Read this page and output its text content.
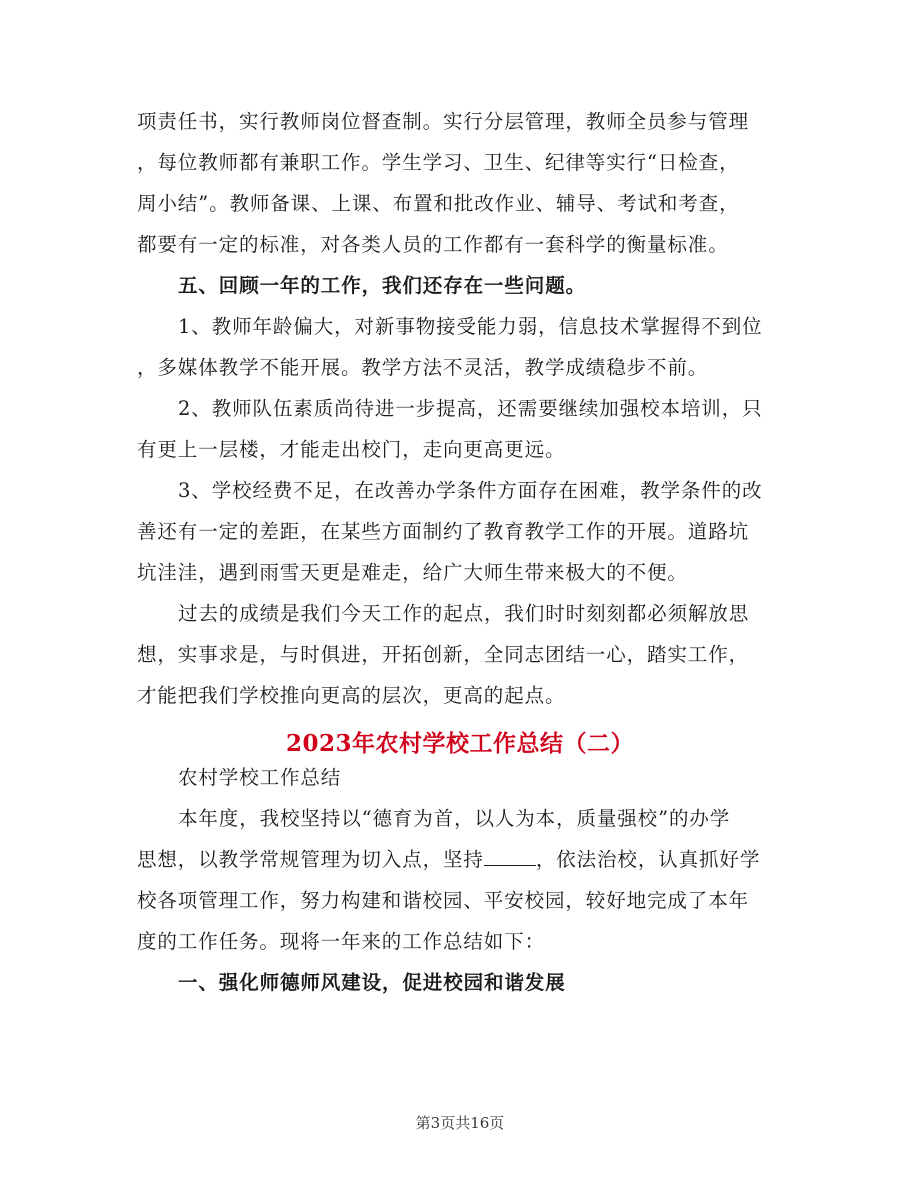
项责任书，实行教师岗位督查制。实行分层管理，教师全员参与管理
，每位教师都有兼职工作。学生学习、卫生、纪律等实行“日检查，
周小结”。教师备课、上课、布置和批改作业、辅导、考试和考查，
都要有一定的标准，对各类人员的工作都有一套科学的衡量标准。
五、回顾一年的工作，我们还存在一些问题。
1、教师年龄偏大，对新事物接受能力弱，信息技术掌握得不到位
，多媒体教学不能开展。教学方法不灵活，教学成绩稳步不前。
2、教师队伍素质尚待进一步提高，还需要继续加强校本培训，只
有更上一层楼，才能走出校门，走向更高更远。
3、学校经费不足，在改善办学条件方面存在困难，教学条件的改
善还有一定的差距，在某些方面制约了教育教学工作的开展。道路坑
坑洼洼，遇到雨雪天更是难走，给广大师生带来极大的不便。
过去的成绩是我们今天工作的起点，我们时时刻刻都必须解放思
想，实事求是，与时俱进，开拓创新，全同志团结一心，踏实工作，
才能把我们学校推向更高的层次，更高的起点。
2023年农村学校工作总结（二）
农村学校工作总结
本年度，我校坚持以“德育为首，以人为本，质量强校”的办学
思想，以教学常规管理为切入点，坚持	，依法治校，认真抓好学
校各项管理工作，努力构建和谐校园、平安校园，较好地完成了本年
度的工作任务。现将一年来的工作总结如下：
一、强化师德师风建设，促进校园和谐发展
第3页共16页
